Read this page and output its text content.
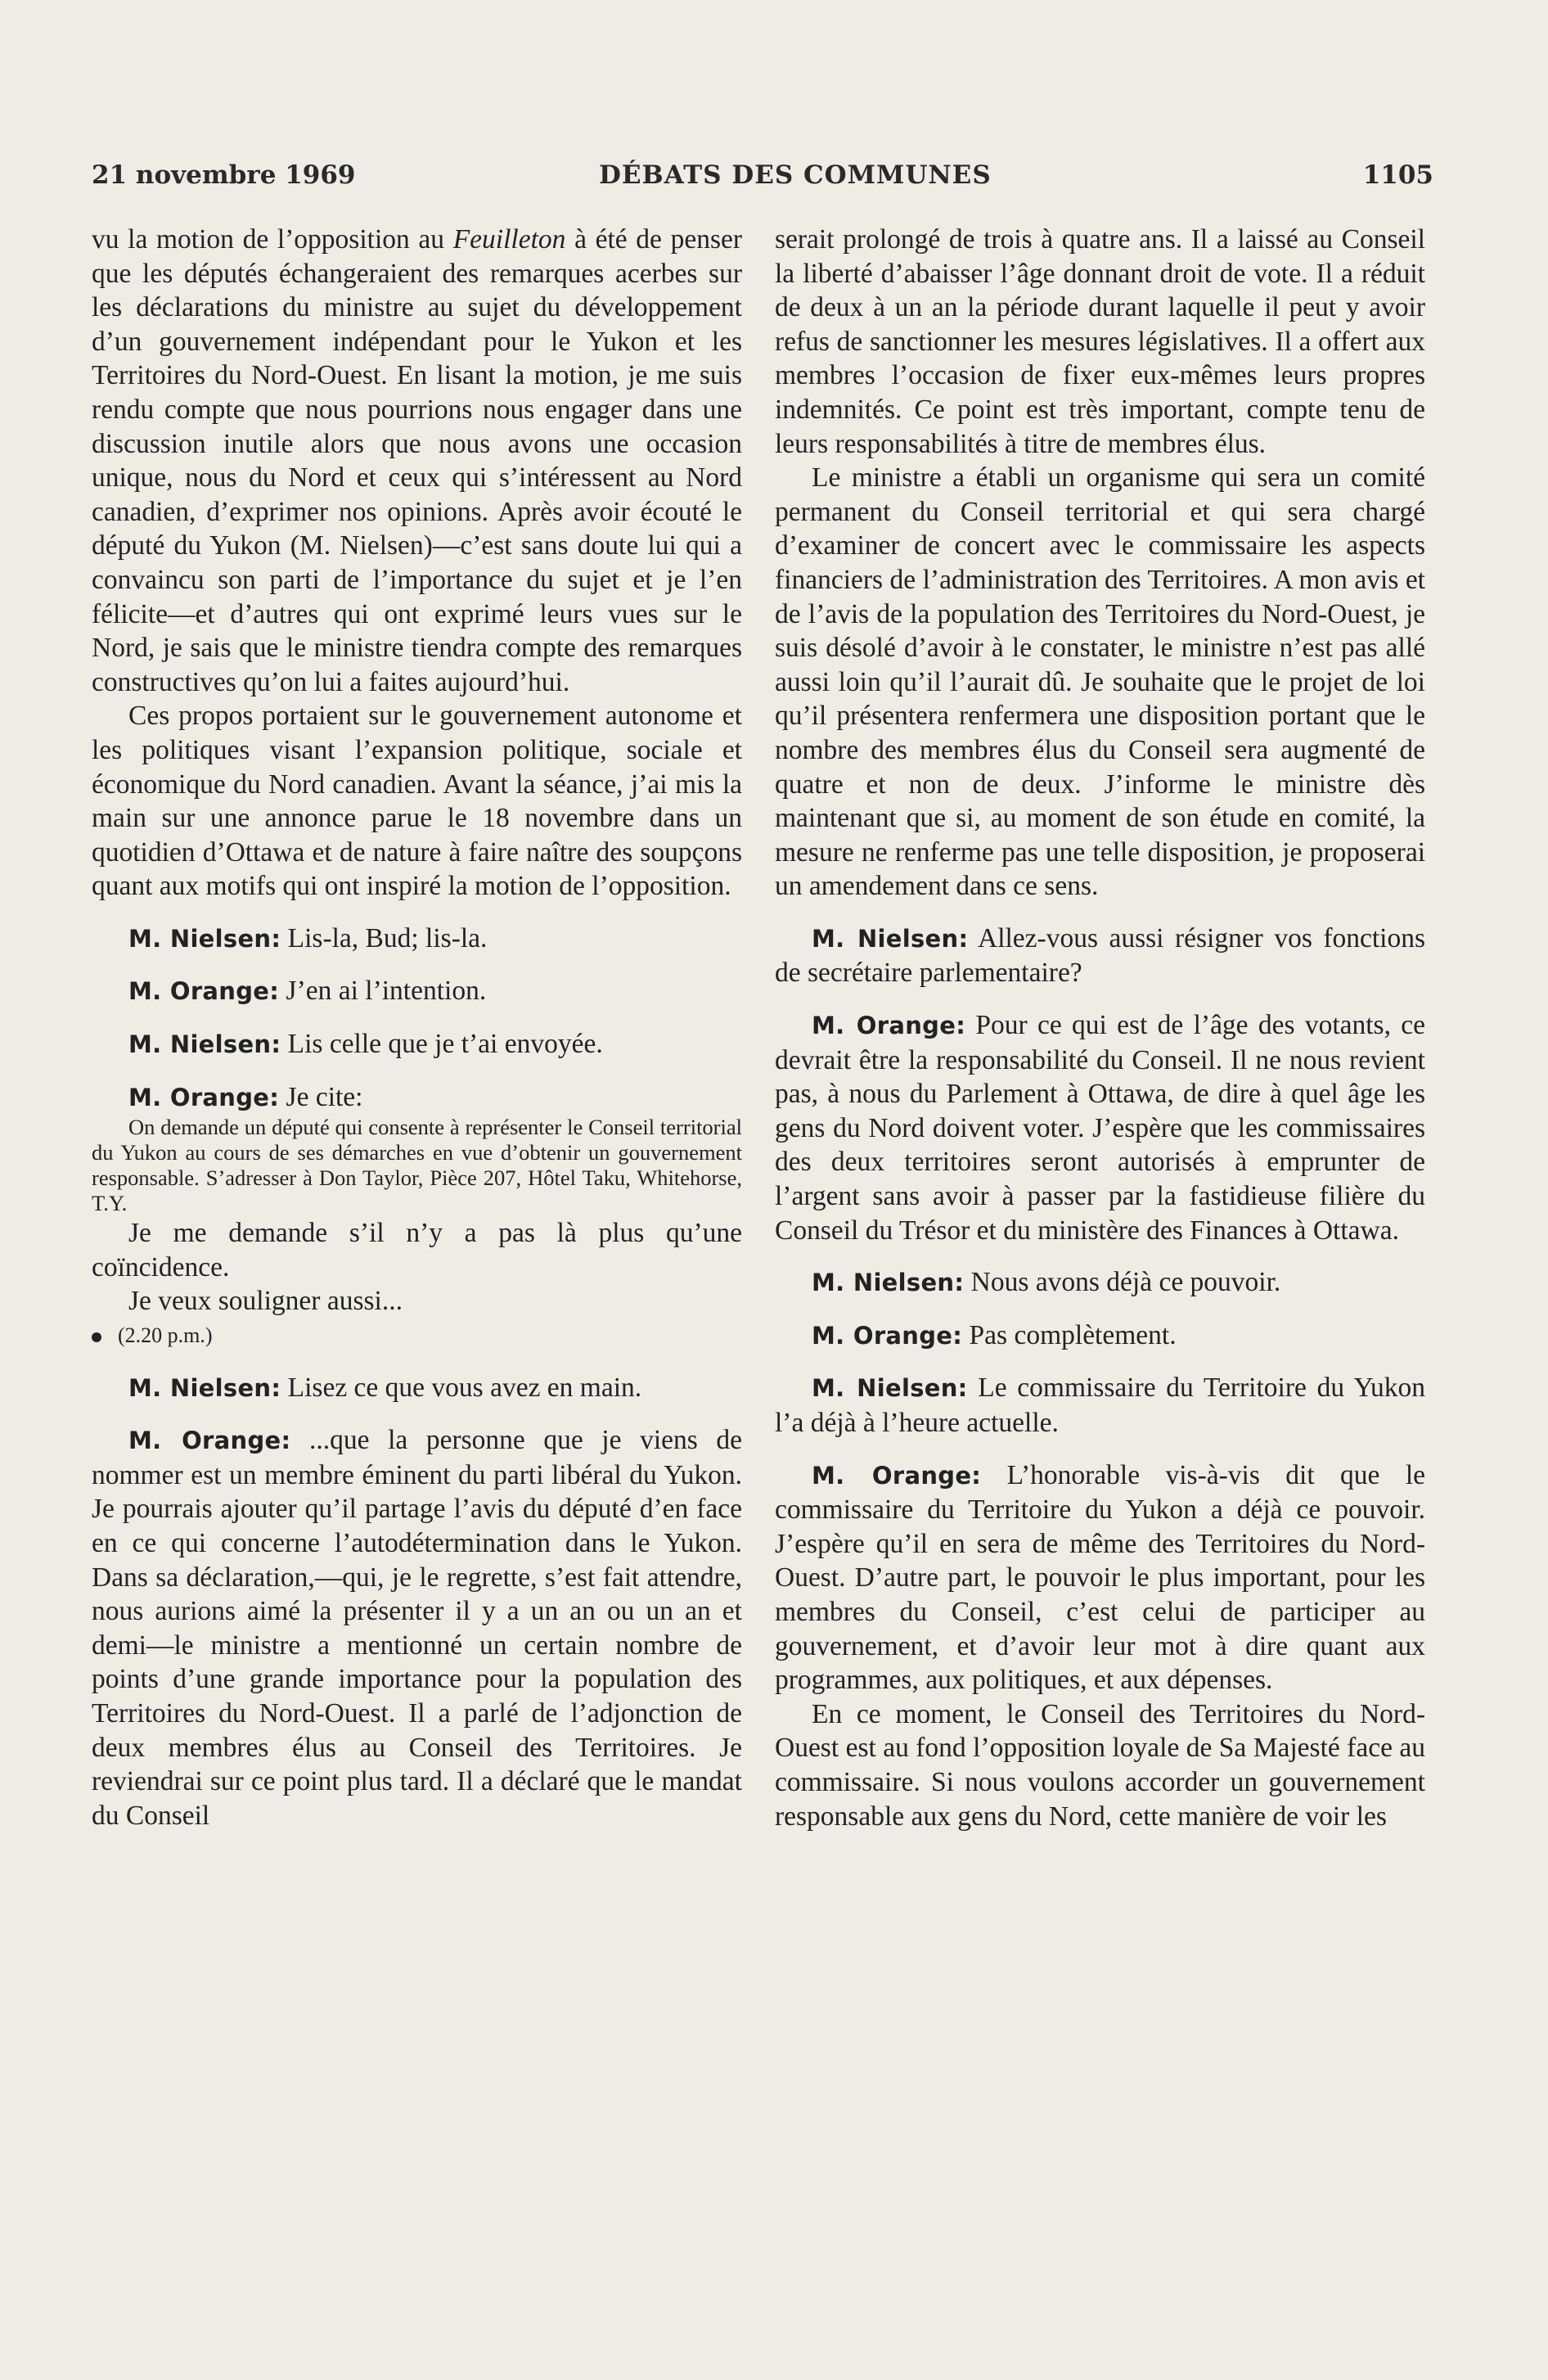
21 novembre 1969	DÉBATS DES COMMUNES	1105

vu la motion de l’opposition au Feuilleton à été de penser que les députés échangeraient des remarques acerbes sur les déclarations du ministre au sujet du développement d’un gouvernement indépendant pour le Yukon et les Territoires du Nord-Ouest. En lisant la motion, je me suis rendu compte que nous pourrions nous engager dans une discussion inutile alors que nous avons une occasion unique, nous du Nord et ceux qui s’intéressent au Nord canadien, d’exprimer nos opinions. Après avoir écouté le député du Yukon (M. Nielsen)—c’est sans doute lui qui a convaincu son parti de l’importance du sujet et je l’en félicite—et d’autres qui ont exprimé leurs vues sur le Nord, je sais que le ministre tiendra compte des remarques constructives qu’on lui a faites aujourd’hui.

Ces propos portaient sur le gouvernement autonome et les politiques visant l’expansion politique, sociale et économique du Nord canadien. Avant la séance, j’ai mis la main sur une annonce parue le 18 novembre dans un quotidien d’Ottawa et de nature à faire naître des soupçons quant aux motifs qui ont inspiré la motion de l’opposition.

M. Nielsen: Lis-la, Bud; lis-la.

M. Orange: J’en ai l’intention.

M. Nielsen: Lis celle que je t’ai envoyée.

M. Orange: Je cite:

On demande un député qui consente à représenter le Conseil territorial du Yukon au cours de ses démarches en vue d’obtenir un gouvernement responsable. S’adresser à Don Taylor, Pièce 207, Hôtel Taku, Whitehorse, T.Y.

Je me demande s’il n’y a pas là plus qu’une coïncidence.

Je veux souligner aussi...

(2.20 p.m.)

M. Nielsen: Lisez ce que vous avez en main.

M. Orange: ...que la personne que je viens de nommer est un membre éminent du parti libéral du Yukon. Je pourrais ajouter qu’il partage l’avis du député d’en face en ce qui concerne l’autodétermination dans le Yukon. Dans sa déclaration,—qui, je le regrette, s’est fait attendre, nous aurions aimé la présenter il y a un an ou un an et demi—le ministre a mentionné un certain nombre de points d’une grande importance pour la population des Territoires du Nord-Ouest. Il a parlé de l’adjonction de deux membres élus au Conseil des Territoires. Je reviendrai sur ce point plus tard. Il a déclaré que le mandat du Conseil

serait prolongé de trois à quatre ans. Il a laissé au Conseil la liberté d’abaisser l’âge donnant droit de vote. Il a réduit de deux à un an la période durant laquelle il peut y avoir refus de sanctionner les mesures législatives. Il a offert aux membres l’occasion de fixer eux-mêmes leurs propres indemnités. Ce point est très important, compte tenu de leurs responsabilités à titre de membres élus.

Le ministre a établi un organisme qui sera un comité permanent du Conseil territorial et qui sera chargé d’examiner de concert avec le commissaire les aspects financiers de l’administration des Territoires. A mon avis et de l’avis de la population des Territoires du Nord-Ouest, je suis désolé d’avoir à le constater, le ministre n’est pas allé aussi loin qu’il l’aurait dû. Je souhaite que le projet de loi qu’il présentera renfermera une disposition portant que le nombre des membres élus du Conseil sera augmenté de quatre et non de deux. J’informe le ministre dès maintenant que si, au moment de son étude en comité, la mesure ne renferme pas une telle disposition, je proposerai un amendement dans ce sens.

M. Nielsen: Allez-vous aussi résigner vos fonctions de secrétaire parlementaire?

M. Orange: Pour ce qui est de l’âge des votants, ce devrait être la responsabilité du Conseil. Il ne nous revient pas, à nous du Parlement à Ottawa, de dire à quel âge les gens du Nord doivent voter. J’espère que les commissaires des deux territoires seront autorisés à emprunter de l’argent sans avoir à passer par la fastidieuse filière du Conseil du Trésor et du ministère des Finances à Ottawa.

M. Nielsen: Nous avons déjà ce pouvoir.

M. Orange: Pas complètement.

M. Nielsen: Le commissaire du Territoire du Yukon l’a déjà à l’heure actuelle.

M. Orange: L’honorable vis-à-vis dit que le commissaire du Territoire du Yukon a déjà ce pouvoir. J’espère qu’il en sera de même des Territoires du Nord-Ouest. D’autre part, le pouvoir le plus important, pour les membres du Conseil, c’est celui de participer au gouvernement, et d’avoir leur mot à dire quant aux programmes, aux politiques, et aux dépenses.

En ce moment, le Conseil des Territoires du Nord-Ouest est au fond l’opposition loyale de Sa Majesté face au commissaire. Si nous voulons accorder un gouvernement responsable aux gens du Nord, cette manière de voir les
